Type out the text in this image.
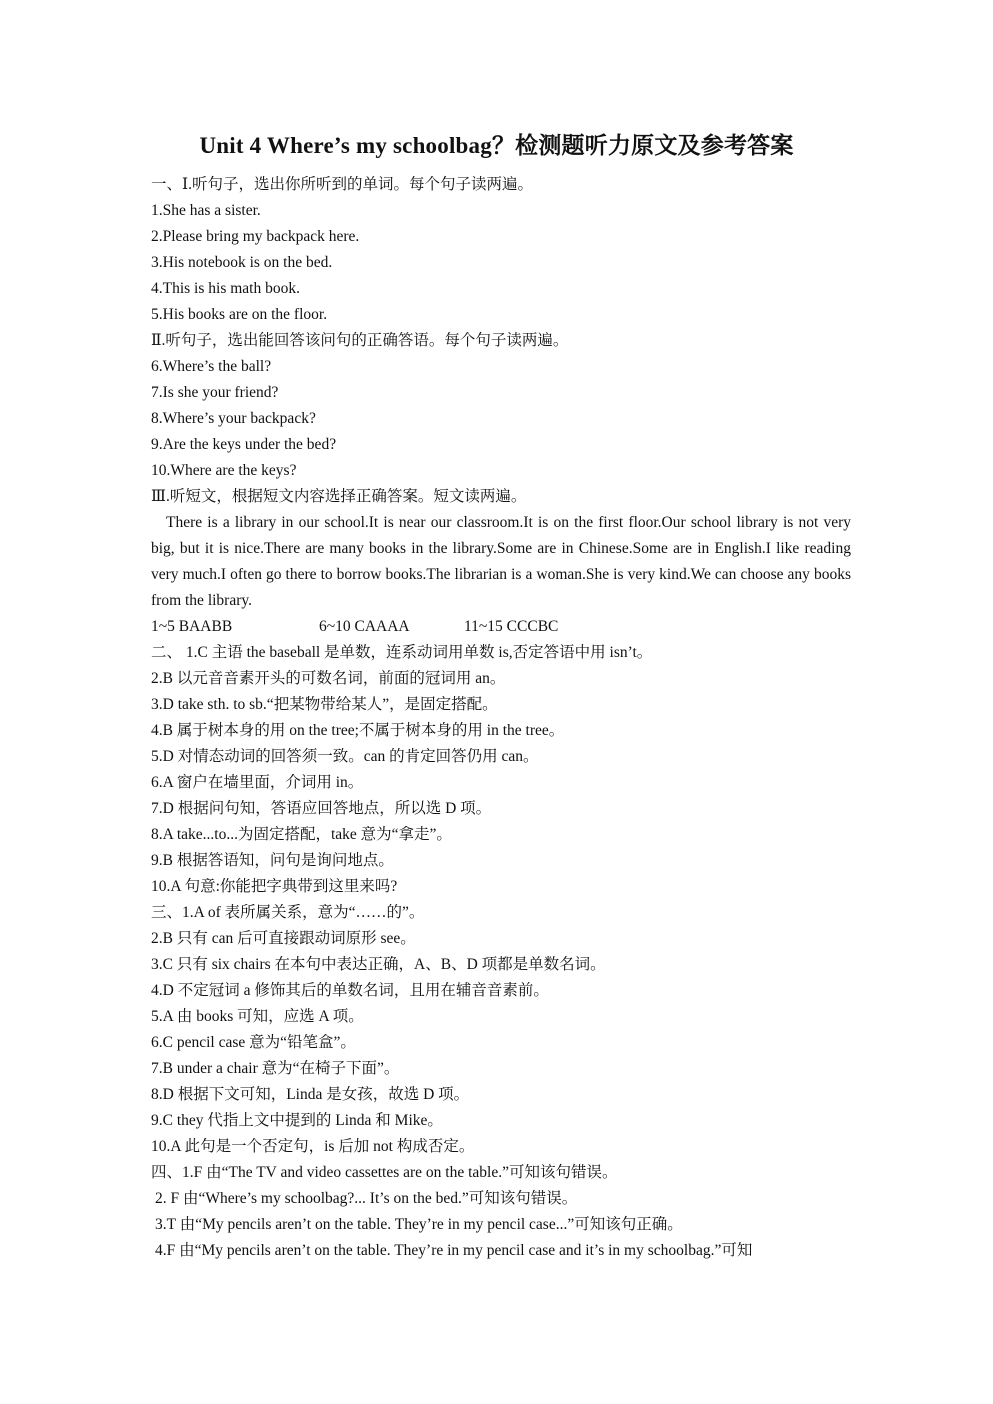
Unit 4 Where’s my schoolbag？检测题听力原文及参考答案
一、Ⅰ.听句子，选出你所听到的单词。每个句子读两遍。
1.She has a sister.
2.Please bring my backpack here.
3.His notebook is on the bed.
4.This is his math book.
5.His books are on the floor.
Ⅱ.听句子，选出能回答该问句的正确答语。每个句子读两遍。
6.Where’s the ball?
7.Is she your friend?
8.Where’s your backpack?
9.Are the keys under the bed?
10.Where are the keys?
Ⅲ.听短文，根据短文内容选择正确答案。短文读两遍。

There is a library in our school.It is near our classroom.It is on the first floor.Our school library is not very big, but it is nice.There are many books in the library.Some are in Chinese.Some are in English.I like reading very much.I often go there to borrow books.The librarian is a woman.She is very kind.We can choose any books from the library.

1~5 BAABB	6~10 CAAAA	11~15 CCCBC
二、 1.C 主语 the baseball 是单数，连系动词用单数 is,否定答语中用 isn’t。
2.B 以元音音素开头的可数名词，前面的冠词用 an。
3.D take sth. to sb.“把某物带给某人”，是固定搭配。
4.B 属于树本身的用 on the tree;不属于树本身的用 in the tree。
5.D 对情态动词的回答须一致。can 的肯定回答仍用 can。
6.A 窗户在墙里面，介词用 in。
7.D 根据问句知，答语应回答地点，所以选 D 项。
8.A take...to...为固定搭配，take 意为“拿走”。
9.B 根据答语知，问句是询问地点。
10.A 句意:你能把字典带到这里来吗?
三、1.A of 表所属关系，意为“……的”。
2.B 只有 can 后可直接跟动词原形 see。
3.C 只有 six chairs 在本句中表达正确，A、B、D 项都是单数名词。
4.D 不定冠词 a 修饰其后的单数名词，且用在辅音音素前。
5.A 由 books 可知，应选 A 项。
6.C pencil case 意为“铅笔盒”。
7.B under a chair 意为“在椅子下面”。
8.D 根据下文可知，Linda 是女孩，故选 D 项。
9.C they 代指上文中提到的 Linda 和 Mike。
10.A 此句是一个否定句，is 后加 not 构成否定。
四、1.F 由“The TV and video cassettes are on the table.”可知该句错误。
2. F 由“Where’s my schoolbag?... It’s on the bed.”可知该句错误。
3.T 由“My pencils aren’t on the table. They’re in my pencil case...”可知该句正确。
4.F 由“My pencils aren’t on the table. They’re in my pencil case and it’s in my schoolbag.”可知
